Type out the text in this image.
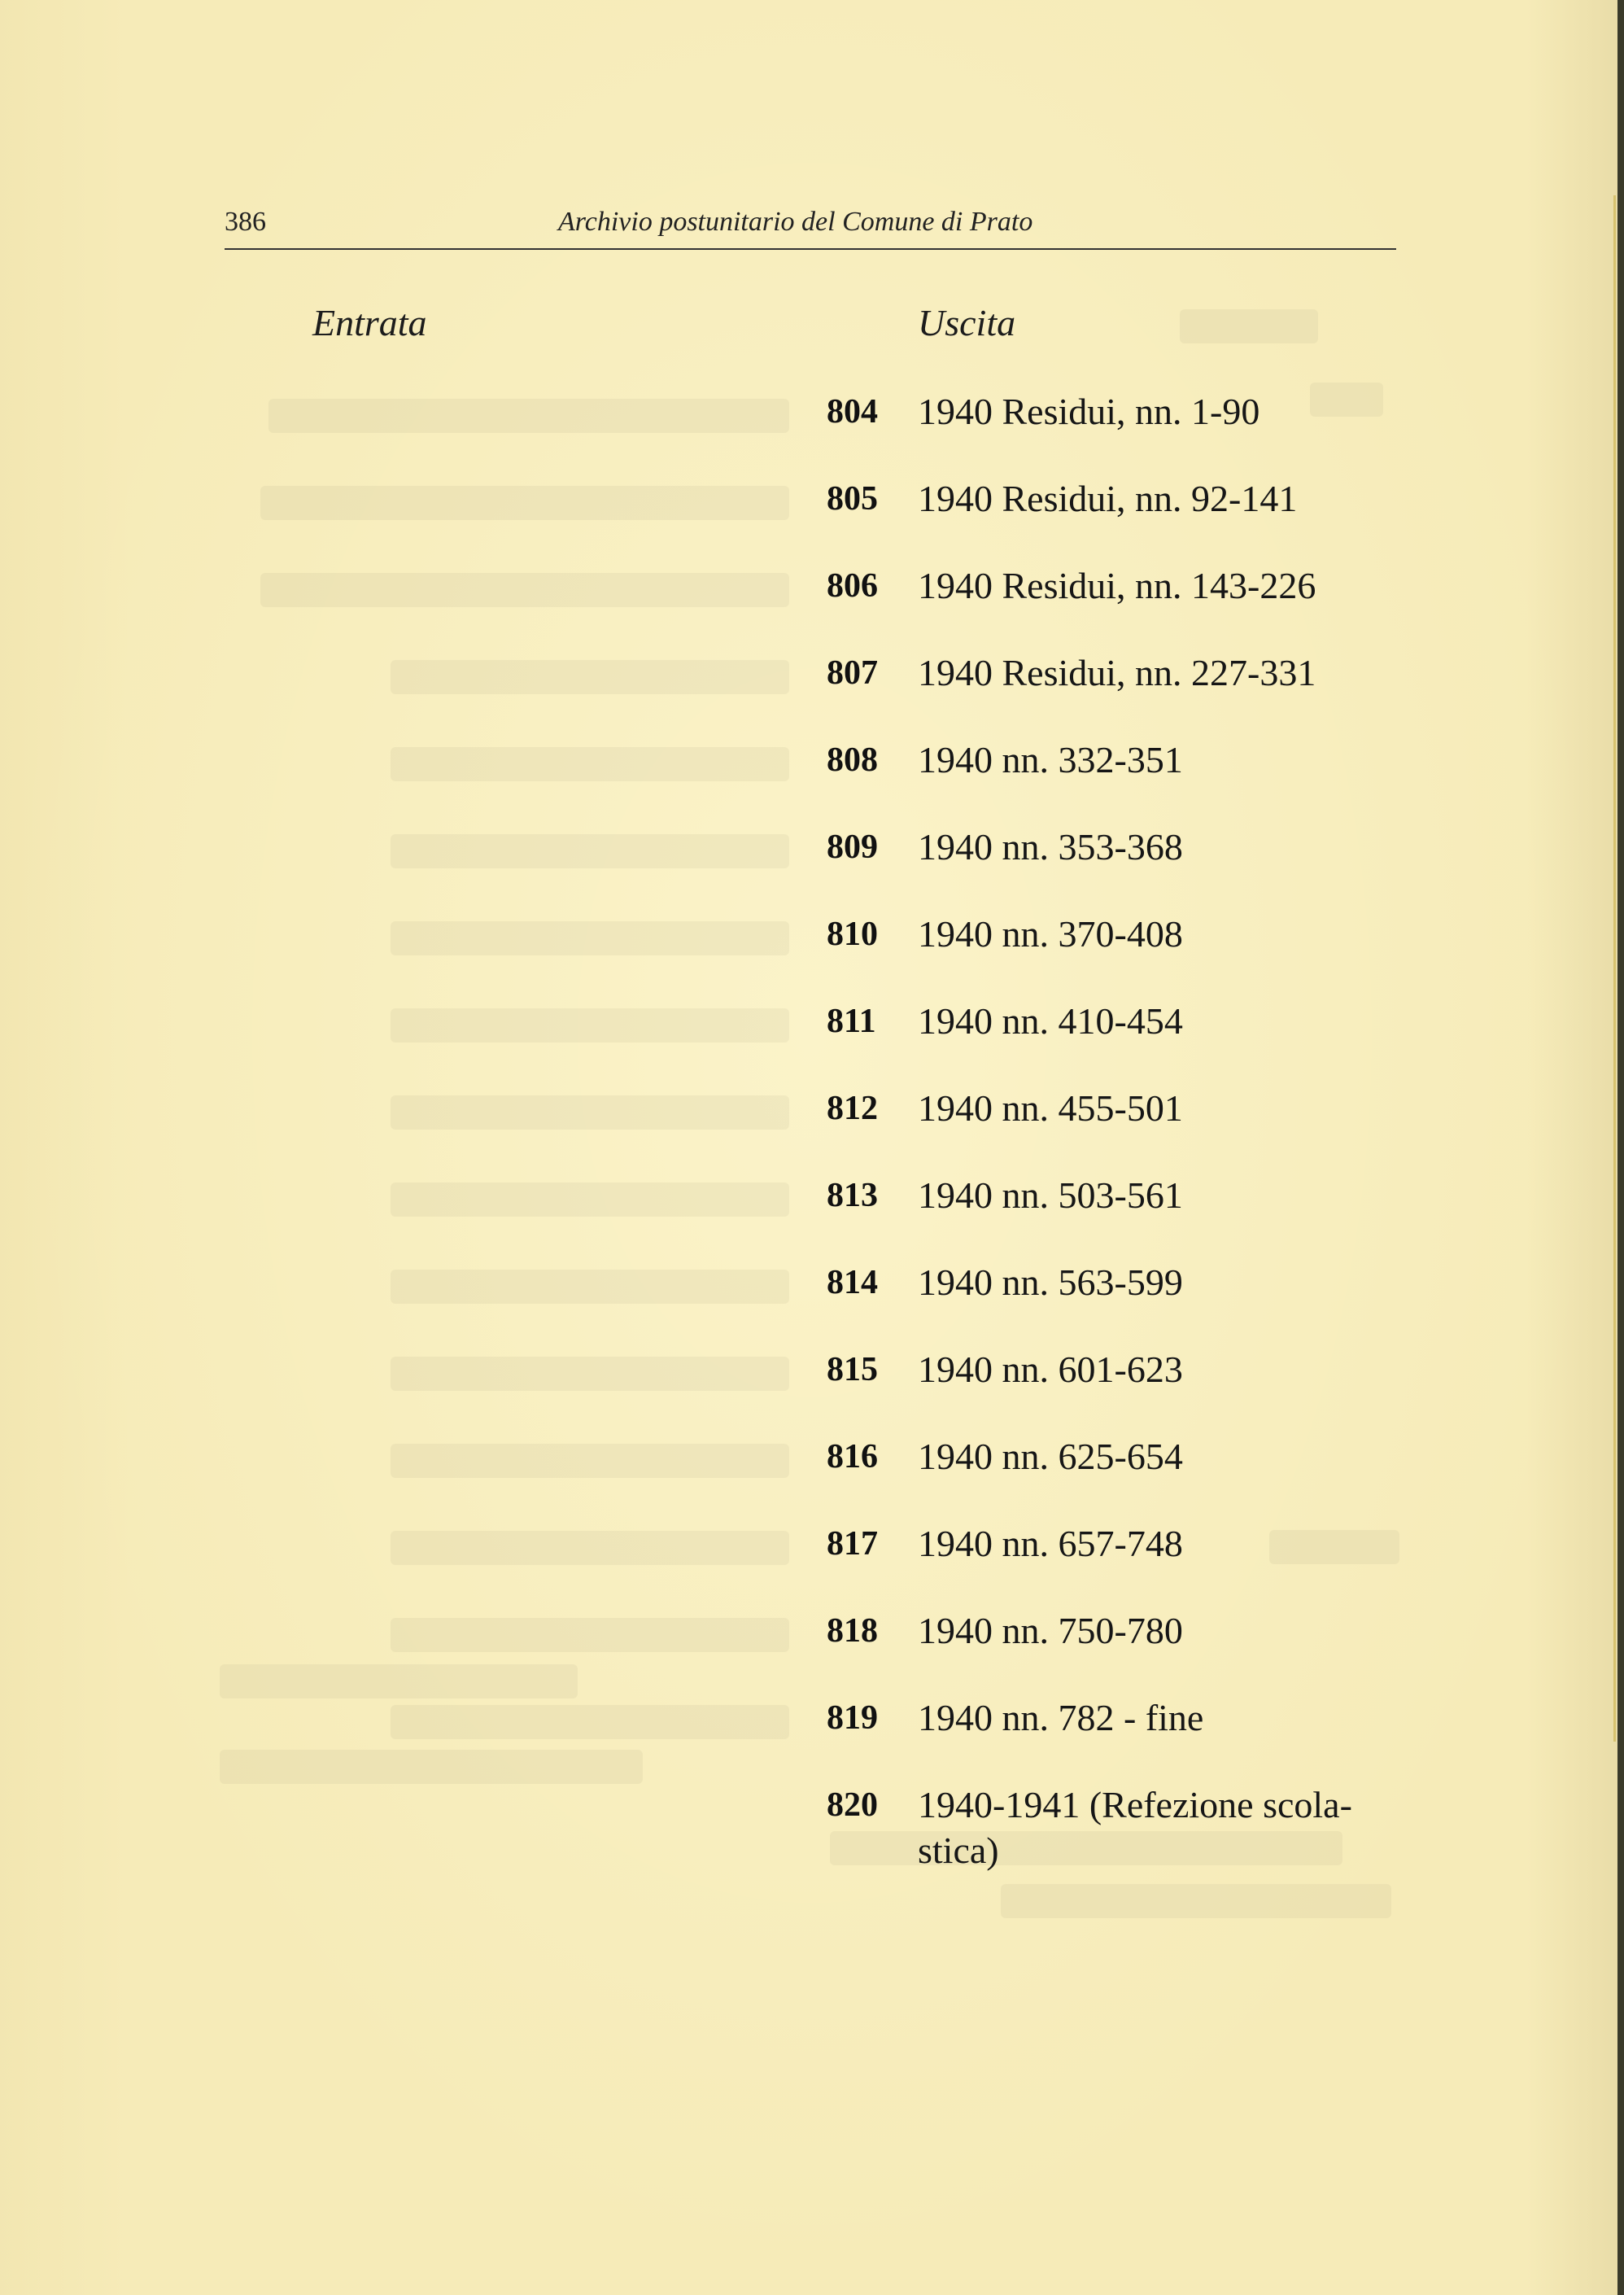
386	Archivio postunitario del Comune di Prato
Entrata	Uscita
804 1940 Residui, nn. 1-90
805 1940 Residui, nn. 92-141
806 1940 Residui, nn. 143-226
807 1940 Residui, nn. 227-331
808 1940 nn. 332-351
809 1940 nn. 353-368
810 1940 nn. 370-408
811 1940 nn. 410-454
812 1940 nn. 455-501
813 1940 nn. 503-561
814 1940 nn. 563-599
815 1940 nn. 601-623
816 1940 nn. 625-654
817 1940 nn. 657-748
818 1940 nn. 750-780
819 1940 nn. 782 - fine
820 1940-1941 (Refezione scola-stica)
